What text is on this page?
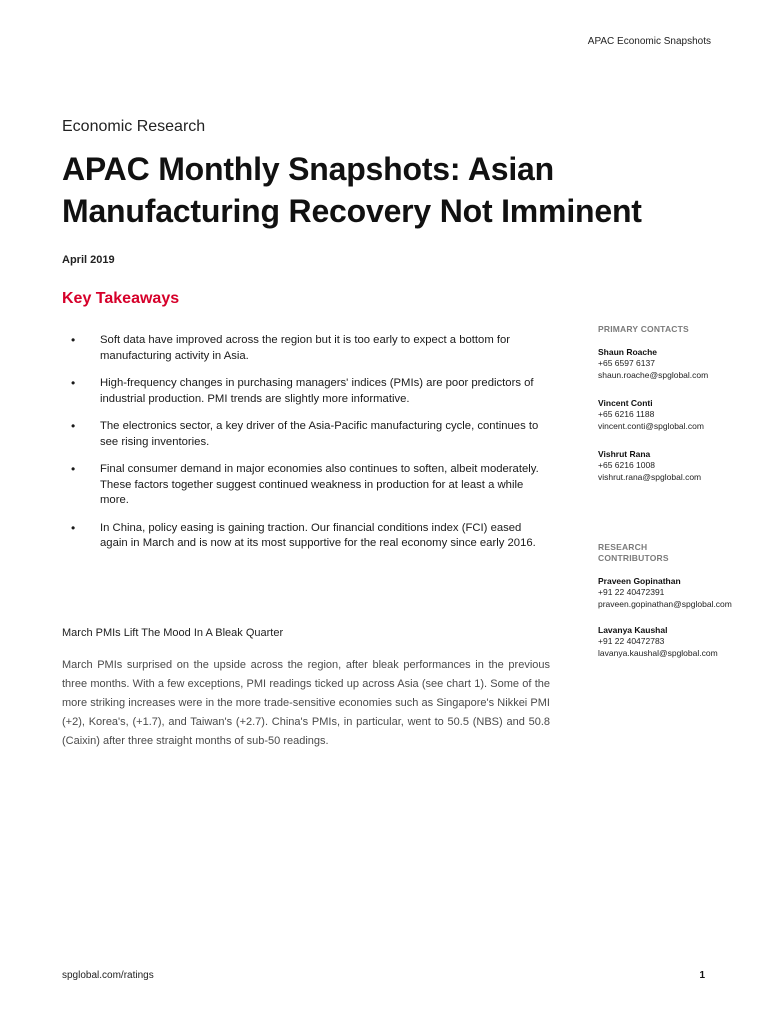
APAC Economic Snapshots
Economic Research
APAC Monthly Snapshots: Asian Manufacturing Recovery Not Imminent
April 2019
Key Takeaways
• Soft data have improved across the region but it is too early to expect a bottom for manufacturing activity in Asia.
• High-frequency changes in purchasing managers' indices (PMIs) are poor predictors of industrial production. PMI trends are slightly more informative.
• The electronics sector, a key driver of the Asia-Pacific manufacturing cycle, continues to see rising inventories.
• Final consumer demand in major economies also continues to soften, albeit moderately. These factors together suggest continued weakness in production for at least a while more.
• In China, policy easing is gaining traction. Our financial conditions index (FCI) eased again in March and is now at its most supportive for the real economy since early 2016.
March PMIs Lift The Mood In A Bleak Quarter

March PMIs surprised on the upside across the region, after bleak performances in the previous three months. With a few exceptions, PMI readings ticked up across Asia (see chart 1). Some of the more striking increases were in the more trade-sensitive economies such as Singapore's Nikkei PMI (+2), Korea's, (+1.7), and Taiwan's (+2.7). China's PMIs, in particular, went to 50.5 (NBS) and 50.8 (Caixin) after three straight months of sub-50 readings.

PRIMARY CONTACTS
Shaun Roache
+65 6597 6137
shaun.roache@spglobal.com
Vincent Conti
+65 6216 1188
vincent.conti@spglobal.com
Vishrut Rana
+65 6216 1008
vishrut.rana@spglobal.com
RESEARCH
CONTRIBUTORS
Praveen Gopinathan
+91 22 40472391
praveen.gopinathan@spglobal.com
Lavanya Kaushal
+91 22 40472783
lavanya.kaushal@spglobal.com
spglobal.com/ratings	1
